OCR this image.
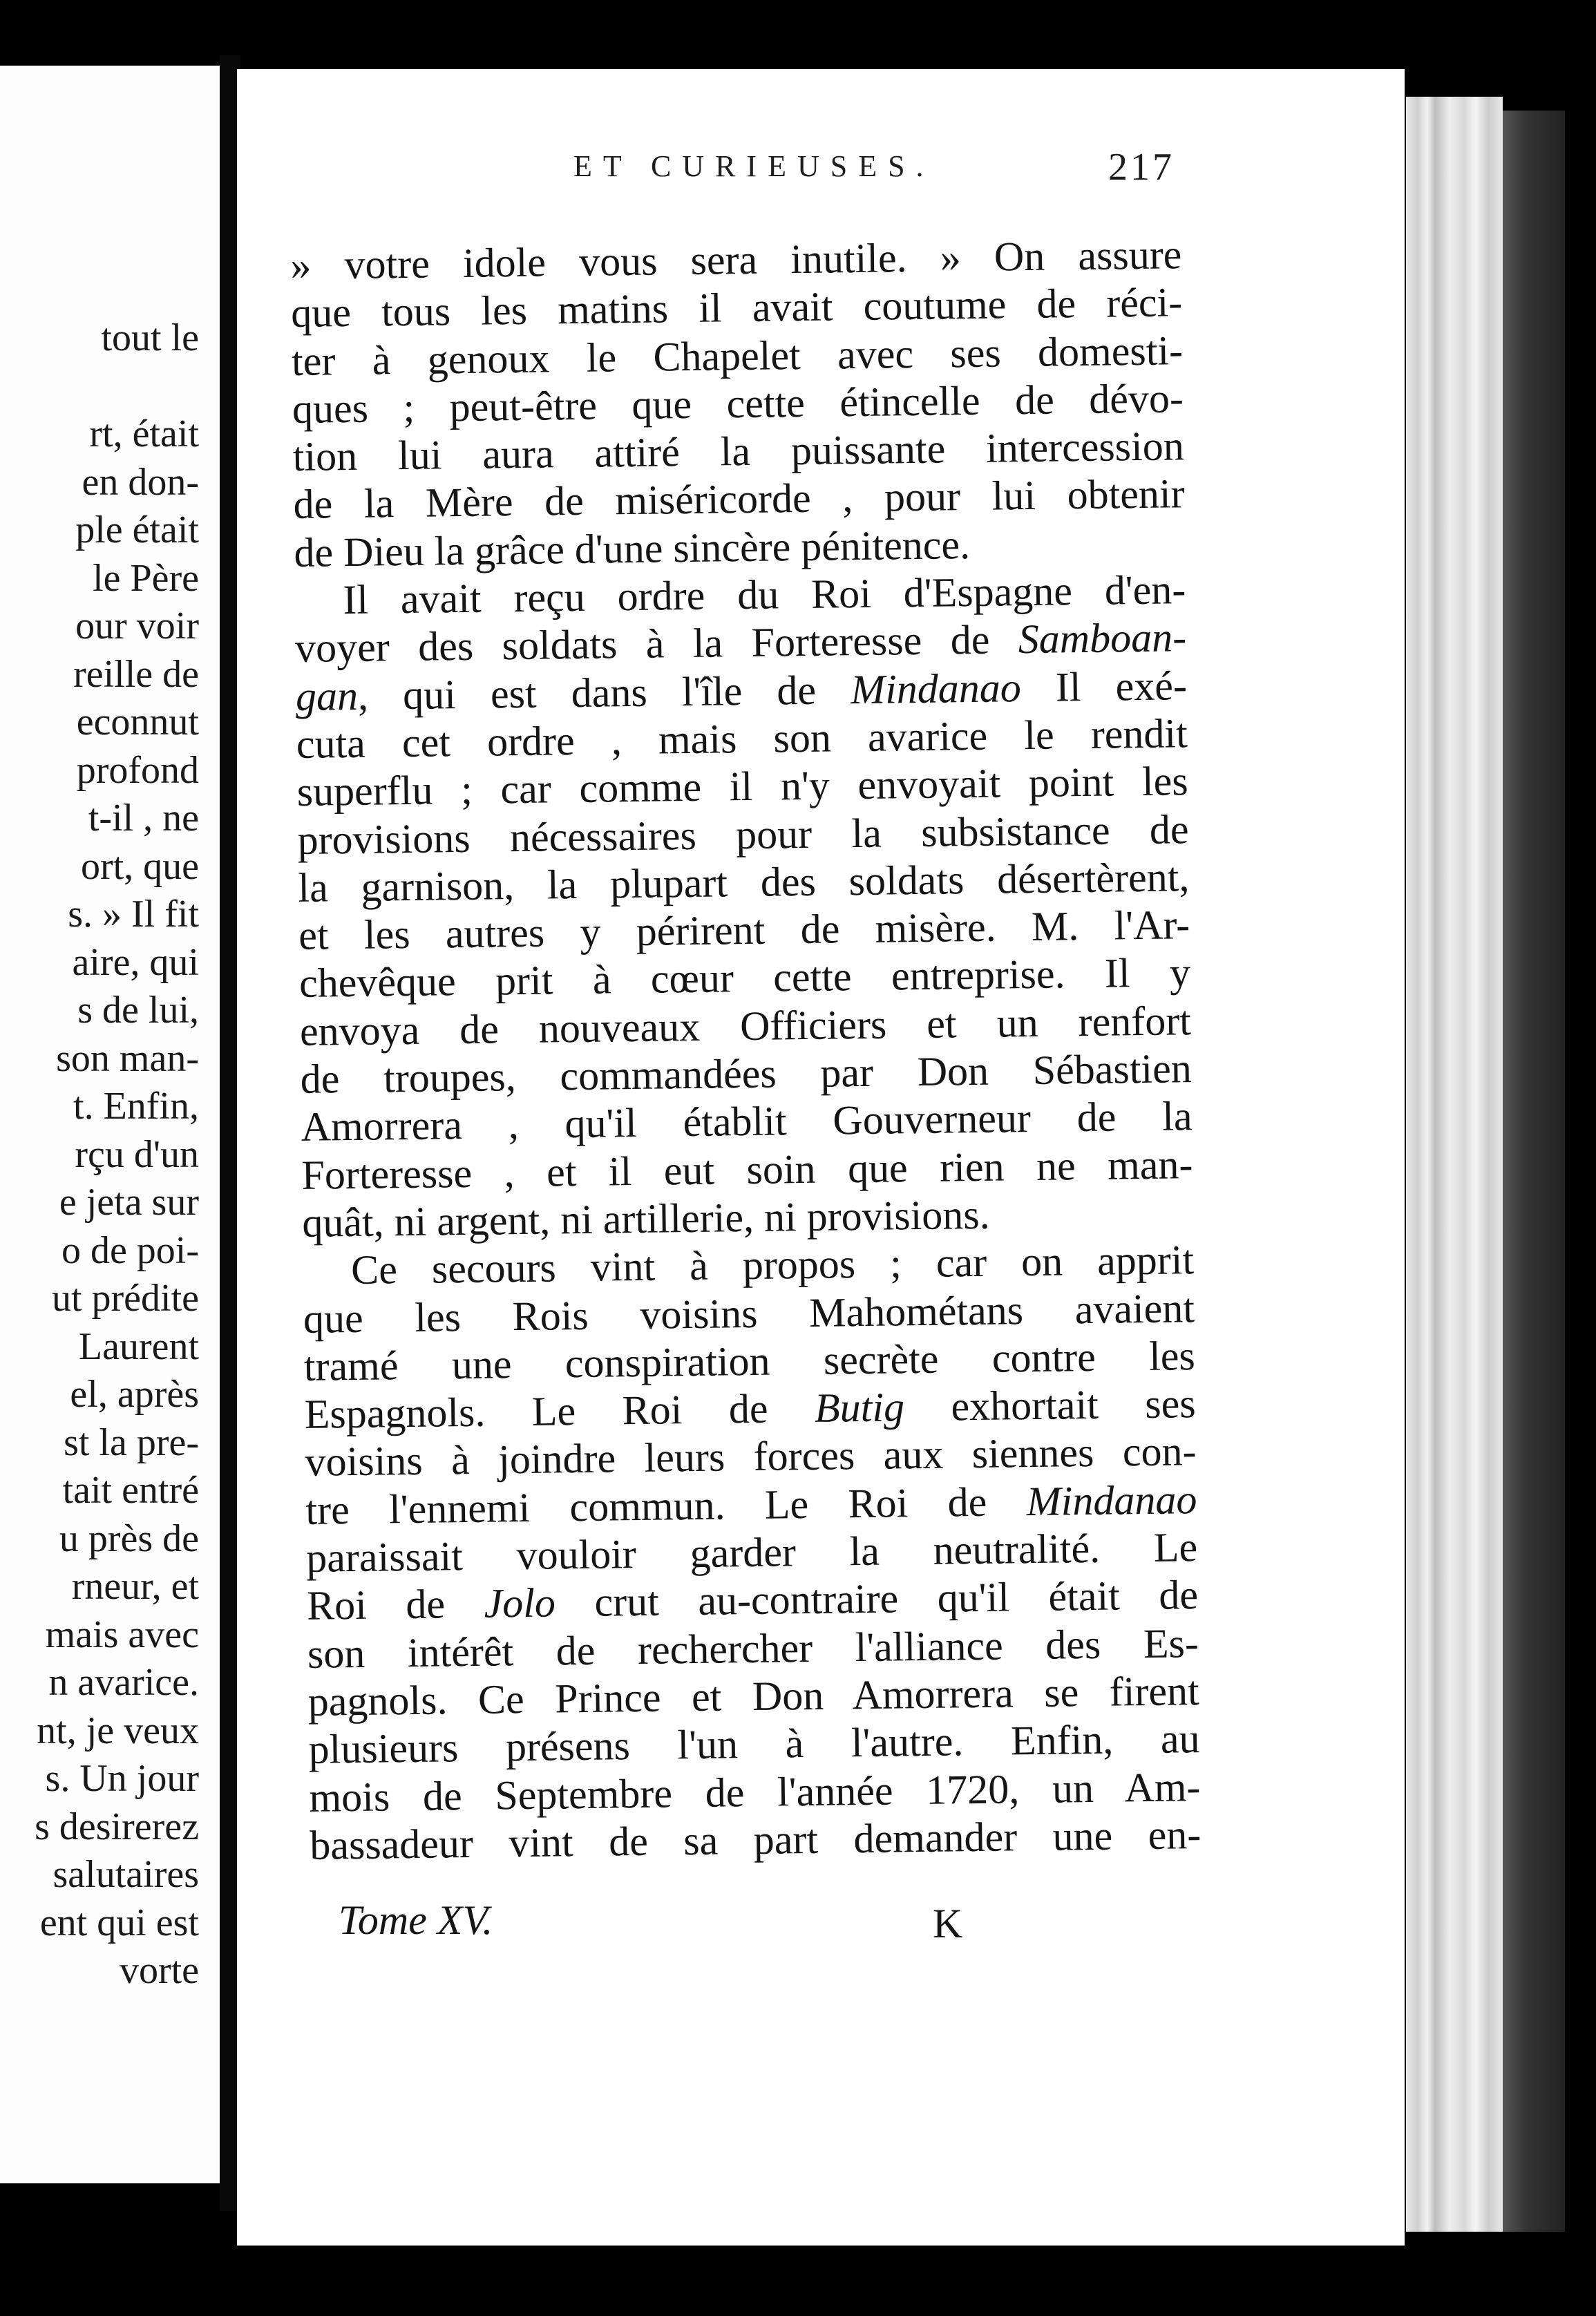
tout le

rt, était
en don-
ple était
le Père
our voir
reille de
econnut
profond
t-il , ne
ort, que
s. » Il fit
aire, qui
s de lui,
son man-
t. Enfin,
rçu d'un
e jeta sur
o de poi-
ut prédite
Laurent
el, après
st la pre-
tait entré
u près de
rneur, et
mais avec
n avarice.
nt, je veux
s. Un jour
s desirerez
salutaires
ent qui est
vorte
ET CURIEUSES.	217
» votre idole vous sera inutile. » On assure
que tous les matins il avait coutume de réci-
ter à genoux le Chapelet avec ses domesti-
ques ; peut-être que cette étincelle de dévo-
tion lui aura attiré la puissante intercession
de la Mère de miséricorde , pour lui obtenir
de Dieu la grâce d'une sincère pénitence.
Il avait reçu ordre du Roi d'Espagne d'en-
voyer des soldats à la Forteresse de Samboan-
gan, qui est dans l'île de Mindanao Il exé-
cuta cet ordre , mais son avarice le rendit
superflu ; car comme il n'y envoyait point les
provisions nécessaires pour la subsistance de
la garnison, la plupart des soldats désertèrent,
et les autres y périrent de misère. M. l'Ar-
chevêque prit à cœur cette entreprise. Il y
envoya de nouveaux Officiers et un renfort
de troupes, commandées par Don Sébastien
Amorrera , qu'il établit Gouverneur de la
Forteresse , et il eut soin que rien ne man-
quât, ni argent, ni artillerie, ni provisions.
Ce secours vint à propos ; car on apprit
que les Rois voisins Mahométans avaient
tramé une conspiration secrète contre les
Espagnols. Le Roi de Butig exhortait ses
voisins à joindre leurs forces aux siennes con-
tre l'ennemi commun. Le Roi de Mindanao
paraissait vouloir garder la neutralité. Le
Roi de Jolo crut au-contraire qu'il était de
son intérêt de rechercher l'alliance des Es-
pagnols. Ce Prince et Don Amorrera se firent
plusieurs présens l'un à l'autre. Enfin, au
mois de Septembre de l'année 1720, un Am-
bassadeur vint de sa part demander une en-
Tome XV.	K
